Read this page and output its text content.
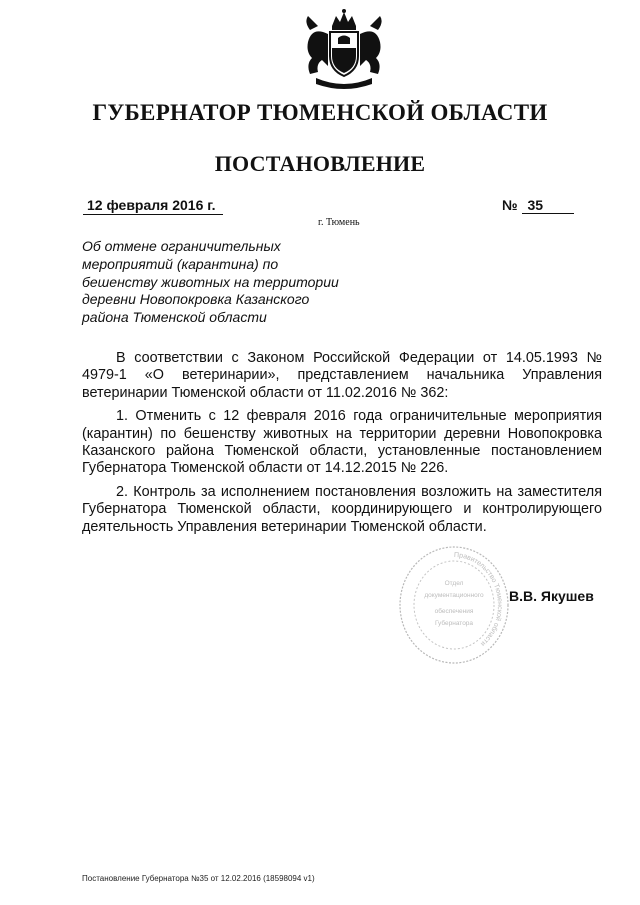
ГУБЕРНАТОР ТЮМЕНСКОЙ ОБЛАСТИ
ПОСТАНОВЛЕНИЕ
12 февраля 2016 г.	№ 35
г. Тюмень
Об отмене ограничительных
мероприятий (карантина) по
бешенству животных на территории
деревни Новопокровка Казанского
района Тюменской области

В соответствии с Законом Российской Федерации от 14.05.1993 № 4979-1 «О ветеринарии», представлением начальника Управления ветеринарии Тюменской области от 11.02.2016 № 362:

1. Отменить с 12 февраля 2016 года ограничительные мероприятия (карантин) по бешенству животных на территории деревни Новопокровка Казанского района Тюменской области, установленные постановлением Губернатора Тюменской области от 14.12.2015 № 226.

2. Контроль за исполнением постановления возложить на заместителя Губернатора Тюменской области, координирующего и контролирующего деятельность Управления ветеринарии Тюменской области.

Правительство Тюменской области
Отдел
документационного
обеспечения
Губернатора
В.В. Якушев
Постановление Губернатора №35 от 12.02.2016 (18598094 v1)
